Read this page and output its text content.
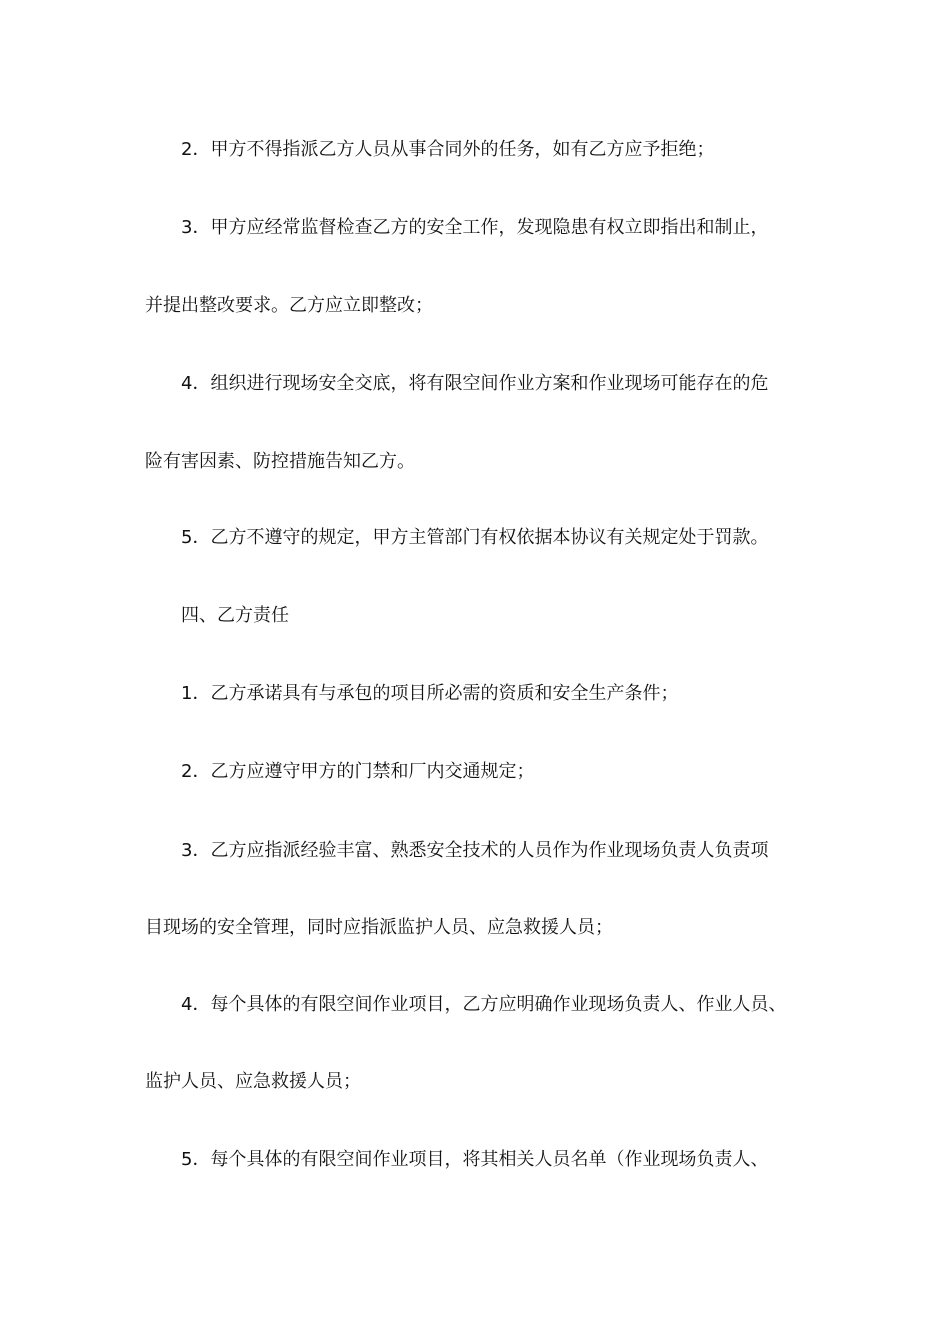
2．甲方不得指派乙方人员从事合同外的任务，如有乙方应予拒绝；
3．甲方应经常监督检查乙方的安全工作，发现隐患有权立即指出和制止，
并提出整改要求。乙方应立即整改；
4．组织进行现场安全交底，将有限空间作业方案和作业现场可能存在的危
险有害因素、防控措施告知乙方。
5．乙方不遵守的规定，甲方主管部门有权依据本协议有关规定处于罚款。
四、乙方责任
1．乙方承诺具有与承包的项目所必需的资质和安全生产条件；
2．乙方应遵守甲方的门禁和厂内交通规定；
3．乙方应指派经验丰富、熟悉安全技术的人员作为作业现场负责人负责项
目现场的安全管理，同时应指派监护人员、应急救援人员；
4．每个具体的有限空间作业项目，乙方应明确作业现场负责人、作业人员、
监护人员、应急救援人员；
5．每个具体的有限空间作业项目，将其相关人员名单（作业现场负责人、
